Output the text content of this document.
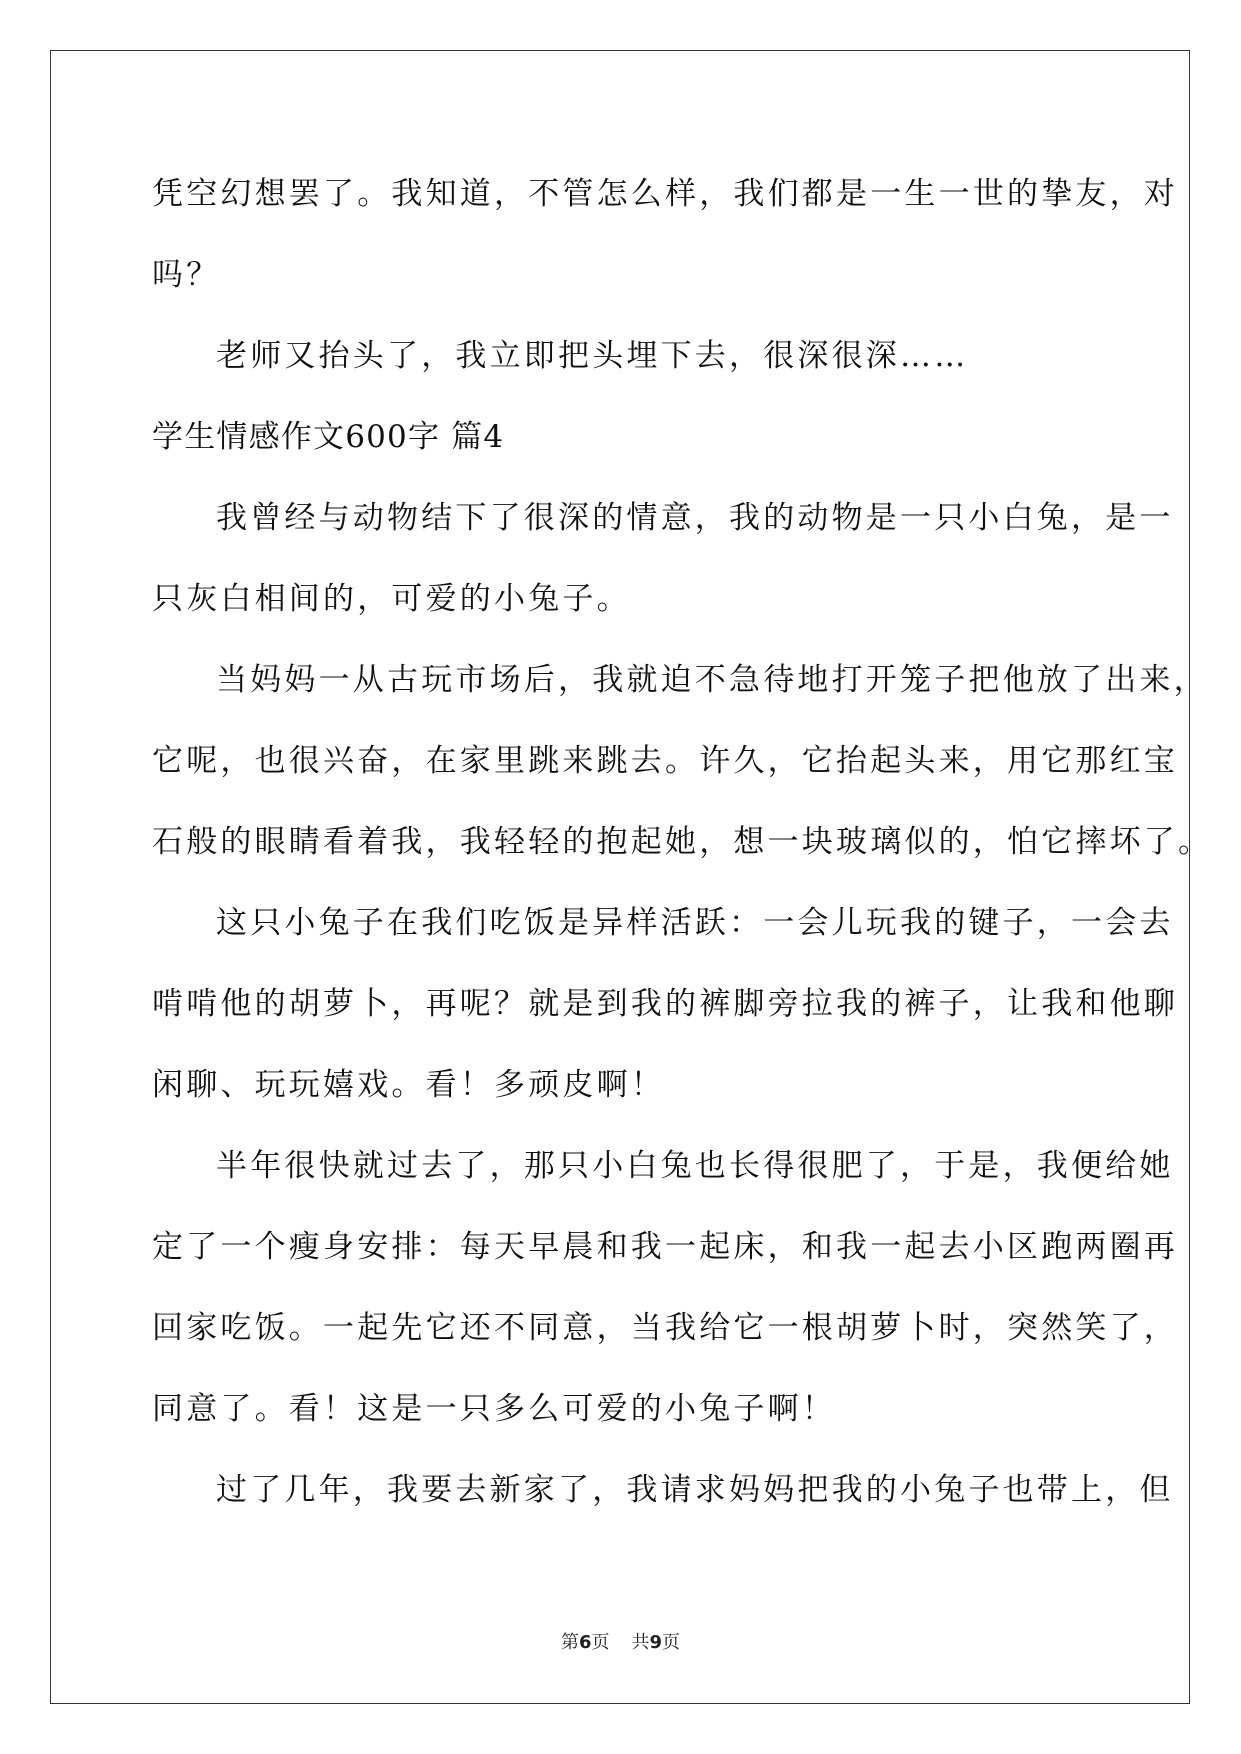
凭空幻想罢了。我知道，不管怎么样，我们都是一生一世的挚友，对

吗？

老师又抬头了，我立即把头埋下去，很深很深……

学生情感作文600字 篇4

我曾经与动物结下了很深的情意，我的动物是一只小白兔，是一

只灰白相间的，可爱的小兔子。

当妈妈一从古玩市场后，我就迫不急待地打开笼子把他放了出来，

它呢，也很兴奋，在家里跳来跳去。许久，它抬起头来，用它那红宝

石般的眼睛看着我，我轻轻的抱起她，想一块玻璃似的，怕它摔坏了。

这只小兔子在我们吃饭是异样活跃：一会儿玩我的键子，一会去

啃啃他的胡萝卜，再呢？就是到我的裤脚旁拉我的裤子，让我和他聊

闲聊、玩玩嬉戏。看！多顽皮啊！

半年很快就过去了，那只小白兔也长得很肥了，于是，我便给她

定了一个瘦身安排：每天早晨和我一起床，和我一起去小区跑两圈再

回家吃饭。一起先它还不同意，当我给它一根胡萝卜时，突然笑了，

同意了。看！这是一只多么可爱的小兔子啊！

过了几年，我要去新家了，我请求妈妈把我的小兔子也带上，但

第6页 共9页
